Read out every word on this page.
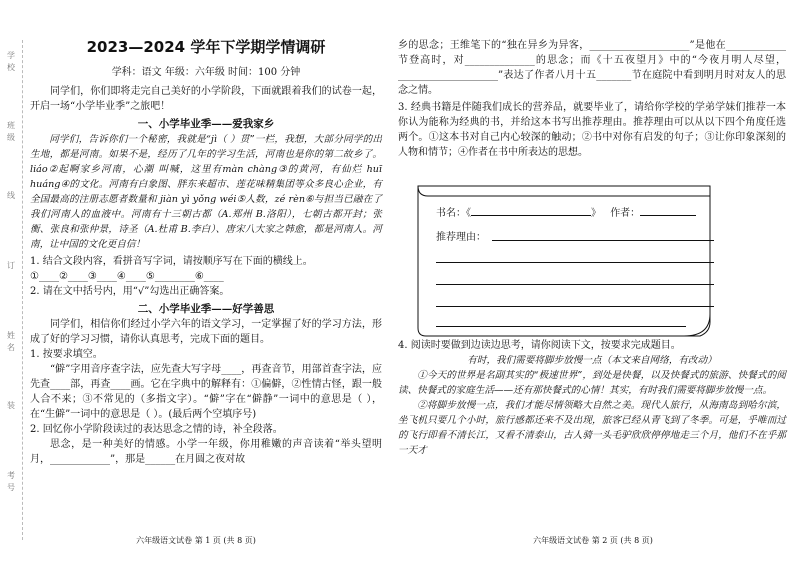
学校
班级
线
订
姓名
装
考号
2023—2024 学年下学期学情调研
学科：语文 年级：六年级 时间：100 分钟

同学们，你们即将走完自己美好的小学阶段，下面就跟着我们的试卷一起，开启一场“小学毕业季”之旅吧！

一、小学毕业季——爱我家乡

同学们，告诉你们一个秘密，我就是“jì（ ）贯”一栏，我想，大部分同学的出生地，都是河南。如果不是，经历了几年的学习生活，河南也是你的第二故乡了。liáo②起啊家乡河南，心潮 叫喊，这里有màn chàng③的黄河，有仙烂 huī huáng④的文化。河南有白象图、胖东来超市、莲花味精集团等众多良心企业，有全国最高的注册志愿者数量和 jiàn yì yǒng wéi⑤人数，zé rèn⑥与担当已融在了我们河南人的血液中。河南有十三朝古都（A.郑州 B.洛阳），七朝古都开封；张衡、张良和张仲景，诗圣（A.杜甫 B.李白）、唐宋八大家之韩愈，都是河南人。河南，让中国的文化更自信！

1. 结合文段内容，看拼音写字词，请按顺序写在下面的横线上。

①____②____③____④____⑤________⑥____

2. 请在文中括号内，用“√”勾选出正确答案。

二、小学毕业季——好学善思

同学们，相信你们经过小学六年的语文学习，一定掌握了好的学习方法，形成了好的学习习惯，请你认真思考，完成下面的题目。

1. 按要求填空。

“僻”字用音序查字法，应先查大写字母____，再查音节，用部首查字法，应先查____部，再查____画。它在字典中的解释有：①偏僻，②性情古怪，跟一般人合不来；③不常见的（多指文字）。“僻”字在“僻静”一词中的意思是（ ），在“生僻”一词中的意思是（ ）。(最后两个空填序号)

2. 回忆你小学阶段读过的表达思念之情的诗，补全段落。

思念，是一种美好的情感。小学一年级，你用稚嫩的声音读着“举头望明月，____________”，那是______在月圆之夜对故

六年级语文试卷 第 1 页 (共 8 页)

乡的思念；王维笔下的“独在异乡为异客，____________________”是他在____________节登高时，对______________的思念；而《十五夜望月》中的“今夜月明人尽望，____________________”表达了作者八月十五_______节在庭院中看到明月时对友人的思念之情。

3. 经典书籍是伴随我们成长的营养品，就要毕业了，请给你学校的学弟学妹们推荐一本你认为能称为经典的书，并给这本书写出推荐理由。推荐理由可以从以下四个角度任选两个。①这本书对自己内心较深的触动；②书中对你有启发的句子；③让你印象深刻的人物和情节；④作者在书中所表达的思想。

书名：《	》 作者：
推荐理由：

4. 阅读时要做到边读边思考，请你阅读下文，按要求完成题目。

有时，我们需要将脚步放慢一点（本文来自网络，有改动）

①今天的世界是名副其实的“极速世界”，到处是快餐，以及快餐式的旅游、快餐式的阅读、快餐式的家庭生活——还有那快餐式的心情！其实，有时我们需要将脚步放慢一点。

②将脚步放慢一点，我们才能尽情领略大自然之美。现代人旅行，从海南岛到哈尔滨，坐飞机只要几个小时，旅行感都还来不及出现，旅客已经从青飞到了冬季。可是，乎唯而过的飞行即看不清长江，又看不清泰山，古人骑一头毛驴欣欣停停地走三个月，他们不在乎那一天才

六年级语文试卷 第 2 页 (共 8 页)
